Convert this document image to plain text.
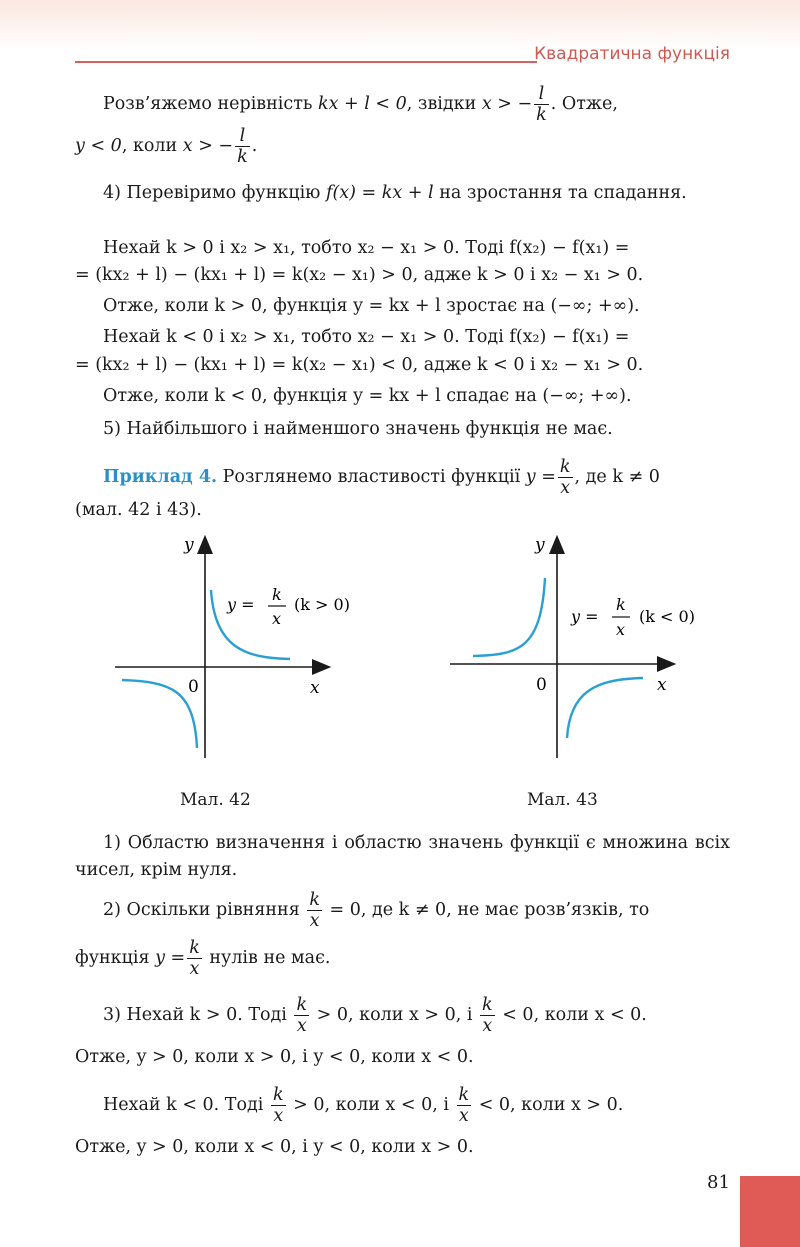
Квадратична функція
Розв’яжемо нерівність kx + l < 0, звідки x > − $\frac{l}{k}$ . Отже,
y < 0, коли x > − $\frac{l}{k}$ .
4) Перевіримо функцію f(x) = kx + l на зростання та спадання.
Нехай k > 0 і x₂ > x₁, тобто x₂ − x₁ > 0. Тоді f(x₂) − f(x₁) =
= (kx₂ + l) − (kx₁ + l) = k(x₂ − x₁) > 0, адже k > 0 і x₂ − x₁ > 0.
Отже, коли k > 0, функція y = kx + l зростає на (−∞; +∞).
Нехай k < 0 і x₂ > x₁, тобто x₂ − x₁ > 0. Тоді f(x₂) − f(x₁) =
= (kx₂ + l) − (kx₁ + l) = k(x₂ − x₁) < 0, адже k < 0 і x₂ − x₁ > 0.
Отже, коли k < 0, функція y = kx + l спадає на (−∞; +∞).
5) Найбільшого і найменшого значень функція не має.
Приклад 4. Розглянемо властивості функції $y = \frac{k}{x}$ , де k ≠ 0
(мал. 42 і 43).
y
x
0
y =
k
x
(k > 0)
Мал. 42
y
x
0
y =
k
x
(k < 0)
Мал. 43
1) Областю визначення і областю значень функції є множина всіх чисел, крім нуля.
2) Оскільки рівняння $\frac{k}{x} = 0$, де k ≠ 0, не має розв’язків, то
функція $y = \frac{k}{x}$ нулів не має.
3) Нехай k > 0. Тоді $\frac{k}{x} > 0$, коли x > 0, і $\frac{k}{x} < 0$, коли x < 0.
Отже, y > 0, коли x > 0, і y < 0, коли x < 0.
Нехай k < 0. Тоді $\frac{k}{x} > 0$, коли x < 0, і $\frac{k}{x} < 0$, коли x > 0.
Отже, y > 0, коли x < 0, і y < 0, коли x > 0.
81
